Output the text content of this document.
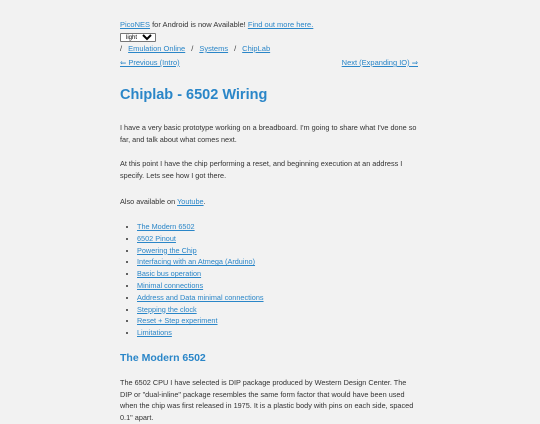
PicoNES for Android is now Available! Find out more here.
light
/ Emulation Online / Systems / ChipLab
⇐ Previous (Intro)	Next (Expanding IO) ⇒
Chiplab - 6502 Wiring

I have a very basic prototype working on a breadboard. I'm going to share what I've done so far, and talk about what comes next.

At this point I have the chip performing a reset, and beginning execution at an address I specify. Lets see how I got there.

Also available on Youtube.

• The Modern 6502
• 6502 Pinout
• Powering the Chip
• Interfacing with an Atmega (Arduino)
• Basic bus operation
• Minimal connections
• Address and Data minimal connections
• Stepping the clock
• Reset + Step experiment
• Limitations
The Modern 6502

The 6502 CPU I have selected is DIP package produced by Western Design Center. The DIP or "dual-inline" package resembles the same form factor that would have been used when the chip was first released in 1975. It is a plastic body with pins on each side, spaced 0.1" apart.
